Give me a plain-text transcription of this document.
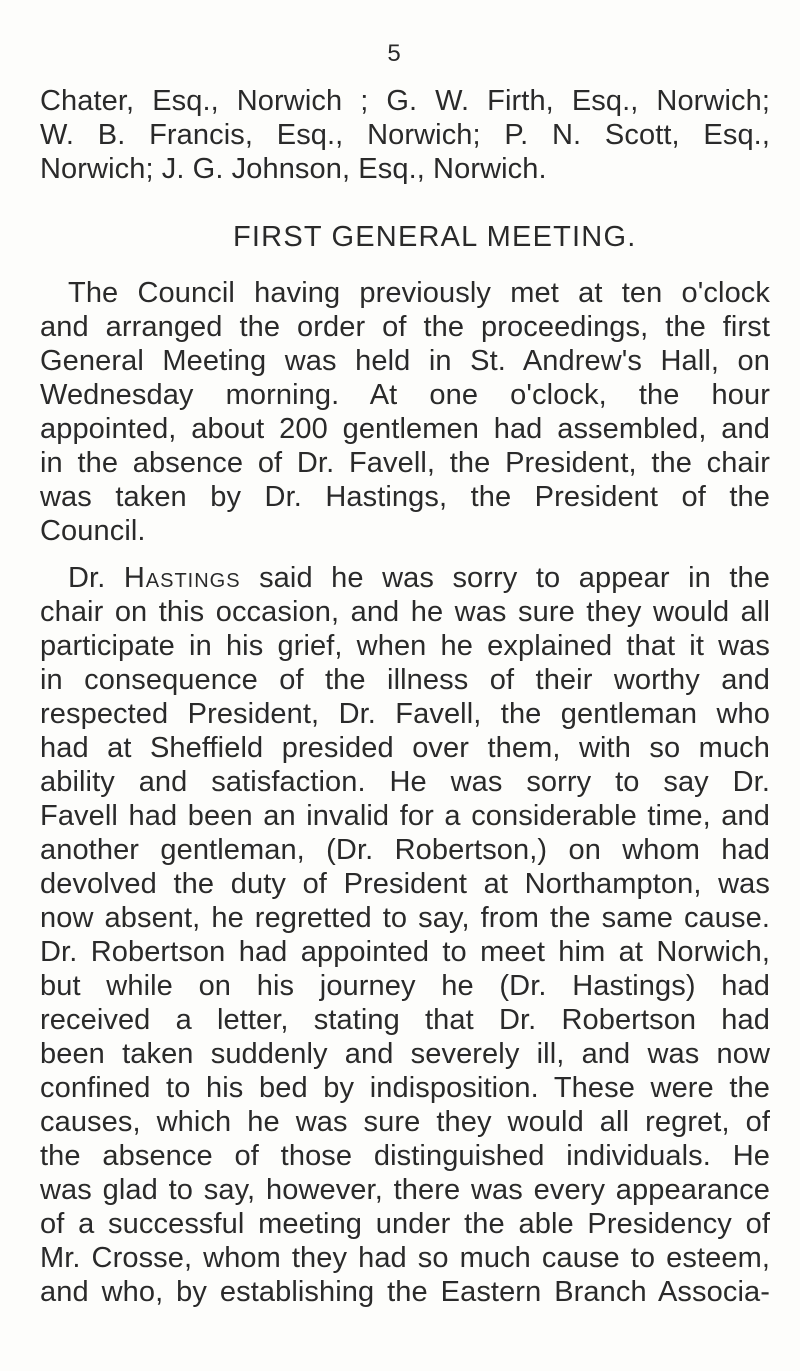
5
Chater, Esq., Norwich ; G. W. Firth, Esq., Norwich;
W. B. Francis, Esq., Norwich; P. N. Scott, Esq.,
Norwich; J. G. Johnson, Esq., Norwich.
FIRST GENERAL MEETING.
The Council having previously met at ten o'clock
and arranged the order of the proceedings, the first
General Meeting was held in St. Andrew's Hall, on
Wednesday morning. At one o'clock, the hour
appointed, about 200 gentlemen had assembled, and
in the absence of Dr. Favell, the President, the chair
was taken by Dr. Hastings, the President of the
Council.
Dr. Hastings said he was sorry to appear in the
chair on this occasion, and he was sure they would all
participate in his grief, when he explained that it was
in consequence of the illness of their worthy and
respected President, Dr. Favell, the gentleman who
had at Sheffield presided over them, with so much
ability and satisfaction. He was sorry to say Dr.
Favell had been an invalid for a considerable time, and
another gentleman, (Dr. Robertson,) on whom had
devolved the duty of President at Northampton, was
now absent, he regretted to say, from the same cause.
Dr. Robertson had appointed to meet him at Norwich,
but while on his journey he (Dr. Hastings) had
received a letter, stating that Dr. Robertson had
been taken suddenly and severely ill, and was now
confined to his bed by indisposition. These were the
causes, which he was sure they would all regret, of
the absence of those distinguished individuals. He
was glad to say, however, there was every appearance
of a successful meeting under the able Presidency of
Mr. Crosse, whom they had so much cause to esteem,
and who, by establishing the Eastern Branch Associa-
